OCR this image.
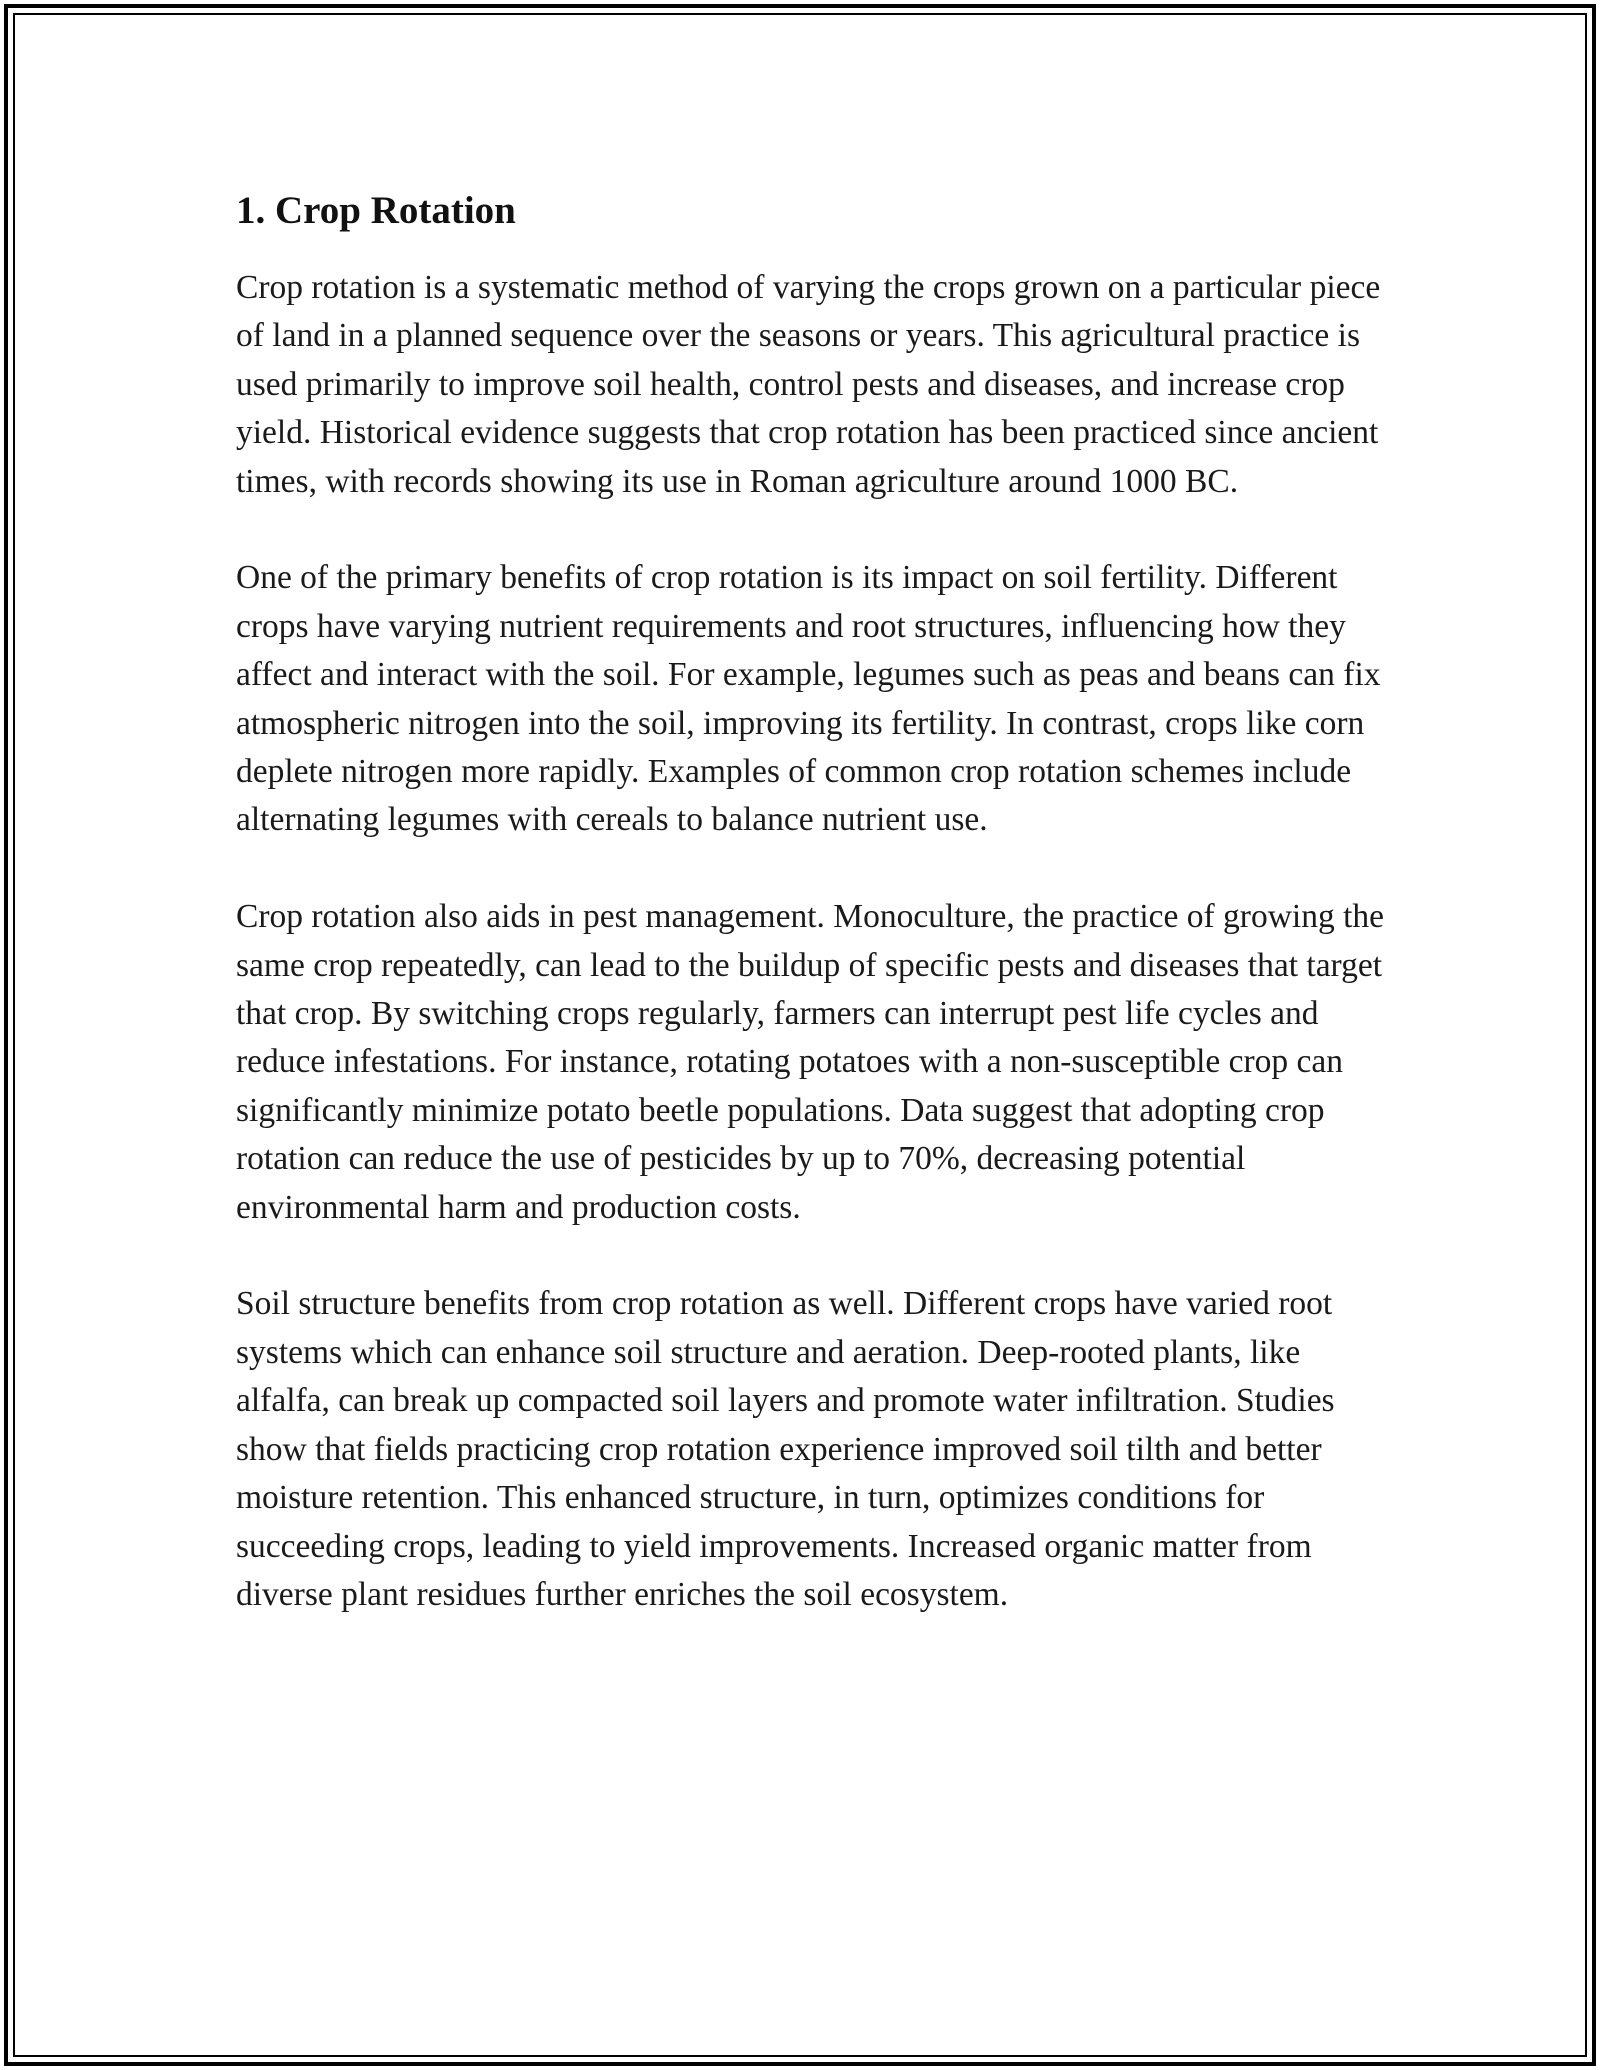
1. Crop Rotation

Crop rotation is a systematic method of varying the crops grown on a particular piece of land in a planned sequence over the seasons or years. This agricultural practice is used primarily to improve soil health, control pests and diseases, and increase crop yield. Historical evidence suggests that crop rotation has been practiced since ancient times, with records showing its use in Roman agriculture around 1000 BC.

One of the primary benefits of crop rotation is its impact on soil fertility. Different crops have varying nutrient requirements and root structures, influencing how they affect and interact with the soil. For example, legumes such as peas and beans can fix atmospheric nitrogen into the soil, improving its fertility. In contrast, crops like corn deplete nitrogen more rapidly. Examples of common crop rotation schemes include alternating legumes with cereals to balance nutrient use.

Crop rotation also aids in pest management. Monoculture, the practice of growing the same crop repeatedly, can lead to the buildup of specific pests and diseases that target that crop. By switching crops regularly, farmers can interrupt pest life cycles and reduce infestations. For instance, rotating potatoes with a non-susceptible crop can significantly minimize potato beetle populations. Data suggest that adopting crop rotation can reduce the use of pesticides by up to 70%, decreasing potential environmental harm and production costs.

Soil structure benefits from crop rotation as well. Different crops have varied root systems which can enhance soil structure and aeration. Deep-rooted plants, like alfalfa, can break up compacted soil layers and promote water infiltration. Studies show that fields practicing crop rotation experience improved soil tilth and better moisture retention. This enhanced structure, in turn, optimizes conditions for succeeding crops, leading to yield improvements. Increased organic matter from diverse plant residues further enriches the soil ecosystem.
